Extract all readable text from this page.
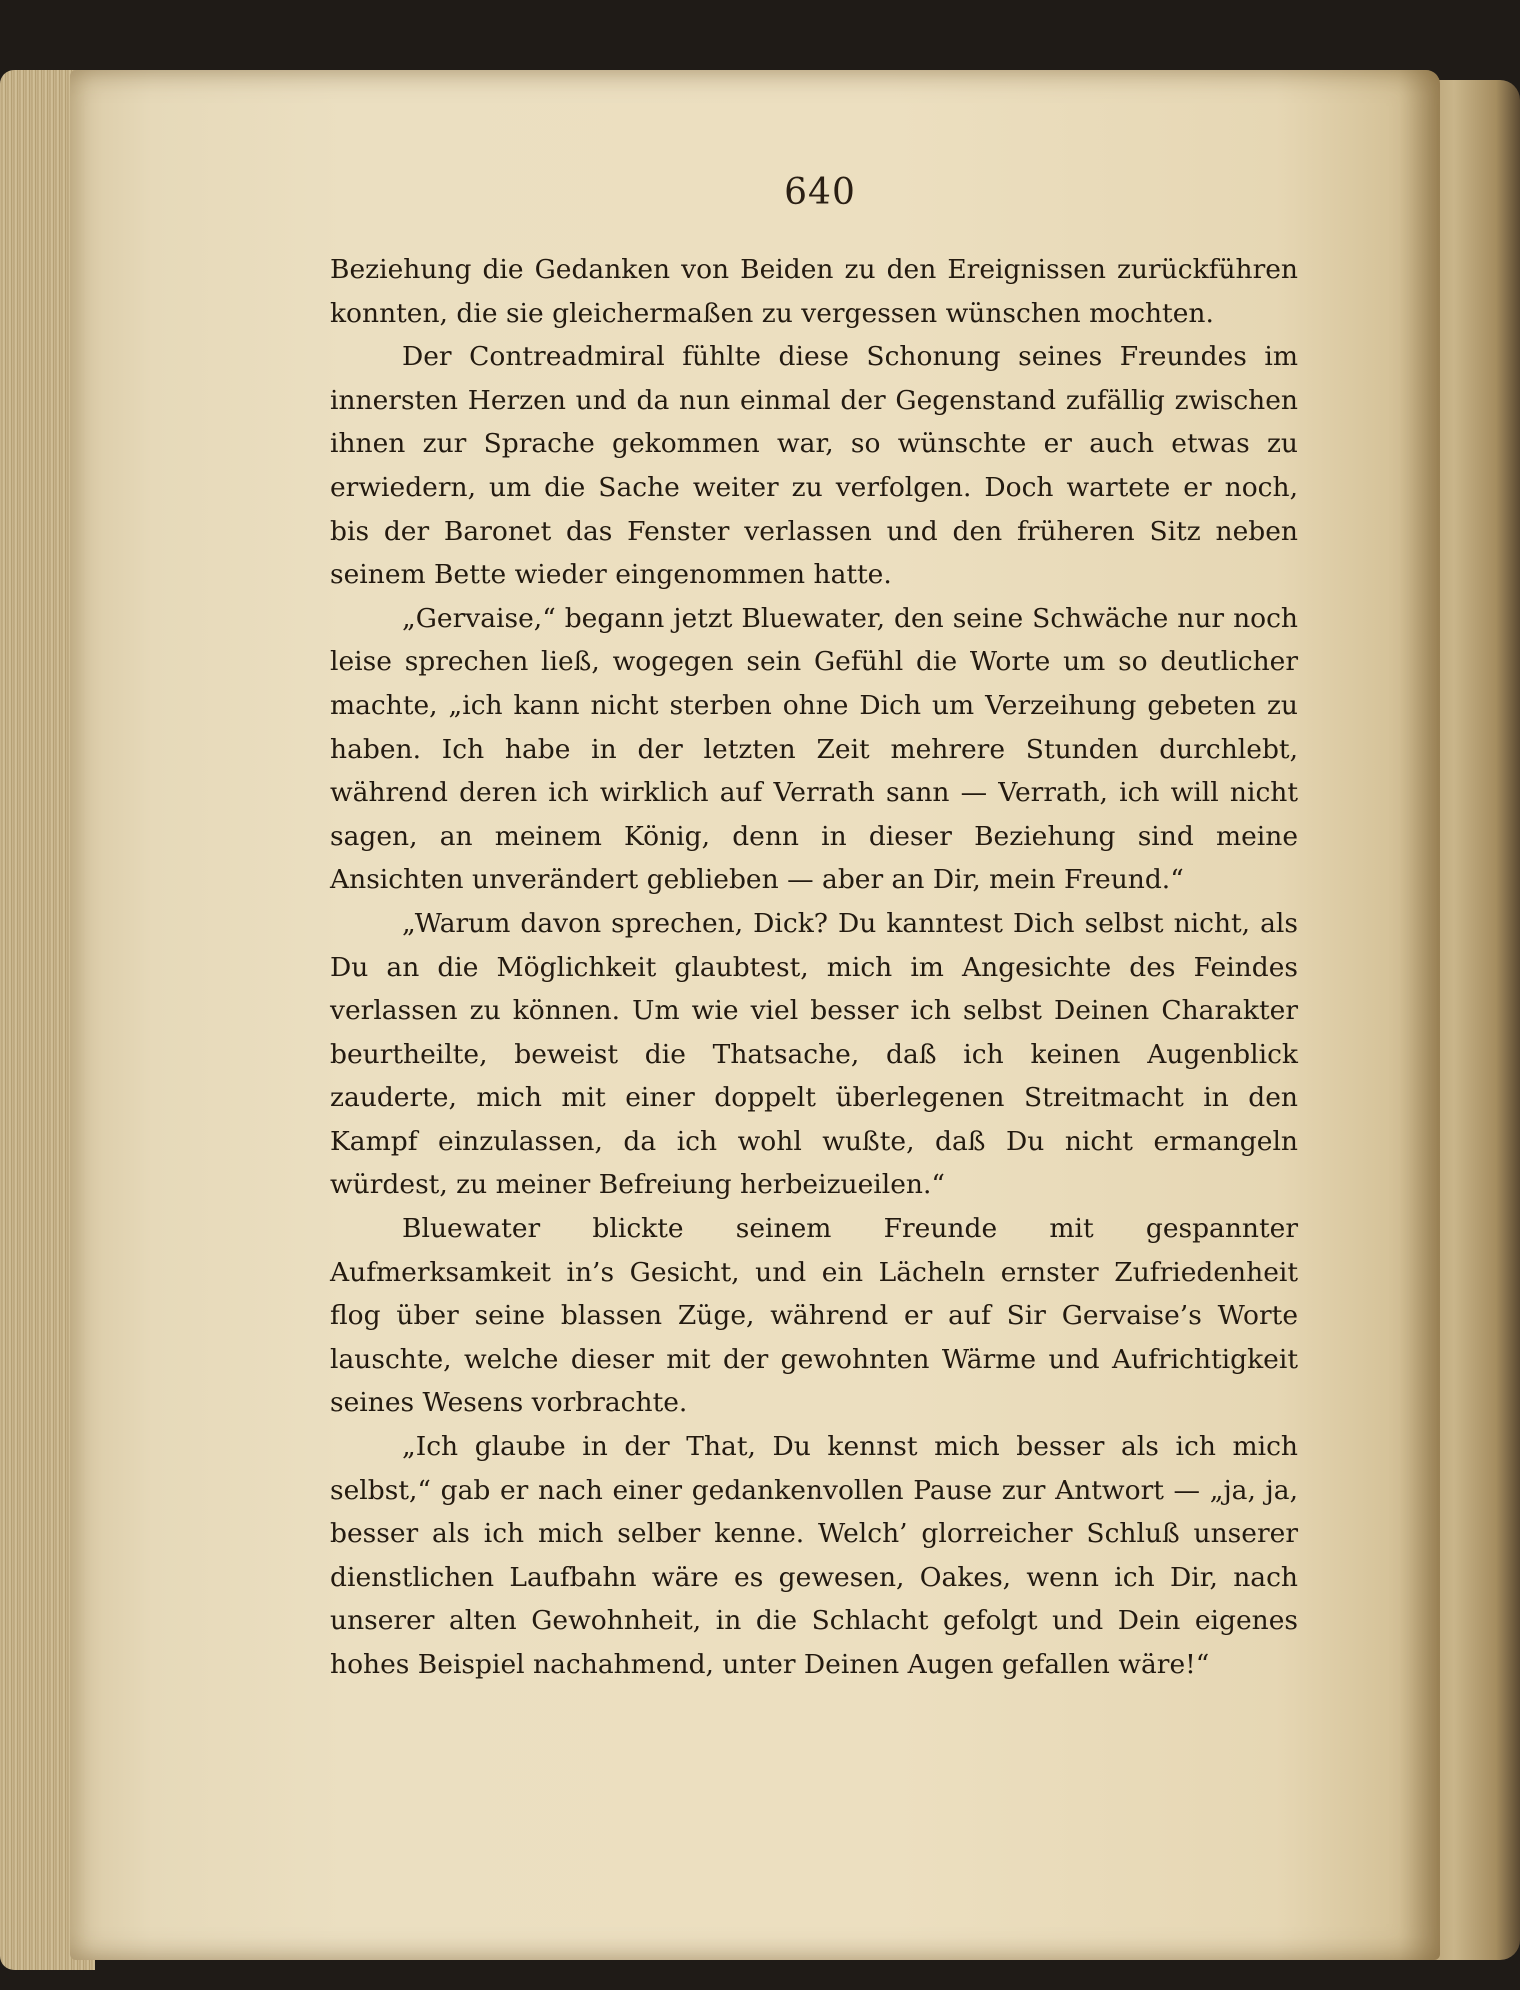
640

Beziehung die Gedanken von Beiden zu den Ereignissen zurückführen konnten, die sie gleichermaßen zu vergessen wünschen mochten.

Der Contreadmiral fühlte diese Schonung seines Freundes im innersten Herzen und da nun einmal der Gegenstand zufällig zwischen ihnen zur Sprache gekommen war, so wünschte er auch etwas zu erwiedern, um die Sache weiter zu verfolgen. Doch wartete er noch, bis der Baronet das Fenster verlassen und den früheren Sitz neben seinem Bette wieder eingenommen hatte.

„Gervaise,“ begann jetzt Bluewater, den seine Schwäche nur noch leise sprechen ließ, wogegen sein Gefühl die Worte um so deutlicher machte, „ich kann nicht sterben ohne Dich um Verzeihung gebeten zu haben. Ich habe in der letzten Zeit mehrere Stunden durchlebt, während deren ich wirklich auf Verrath sann — Verrath, ich will nicht sagen, an meinem König, denn in dieser Beziehung sind meine Ansichten unverändert geblieben — aber an Dir, mein Freund.“

„Warum davon sprechen, Dick? Du kanntest Dich selbst nicht, als Du an die Möglichkeit glaubtest, mich im Angesichte des Feindes verlassen zu können. Um wie viel besser ich selbst Deinen Charakter beurtheilte, beweist die Thatsache, daß ich keinen Augenblick zauderte, mich mit einer doppelt überlegenen Streitmacht in den Kampf einzulassen, da ich wohl wußte, daß Du nicht ermangeln würdest, zu meiner Befreiung herbeizueilen.“

Bluewater blickte seinem Freunde mit gespannter Aufmerksamkeit in’s Gesicht, und ein Lächeln ernster Zufriedenheit flog über seine blassen Züge, während er auf Sir Gervaise’s Worte lauschte, welche dieser mit der gewohnten Wärme und Aufrichtigkeit seines Wesens vorbrachte.

„Ich glaube in der That, Du kennst mich besser als ich mich selbst,“ gab er nach einer gedankenvollen Pause zur Antwort — „ja, ja, besser als ich mich selber kenne. Welch’ glorreicher Schluß unserer dienstlichen Laufbahn wäre es gewesen, Oakes, wenn ich Dir, nach unserer alten Gewohnheit, in die Schlacht gefolgt und Dein eigenes hohes Beispiel nachahmend, unter Deinen Augen gefallen wäre!“
